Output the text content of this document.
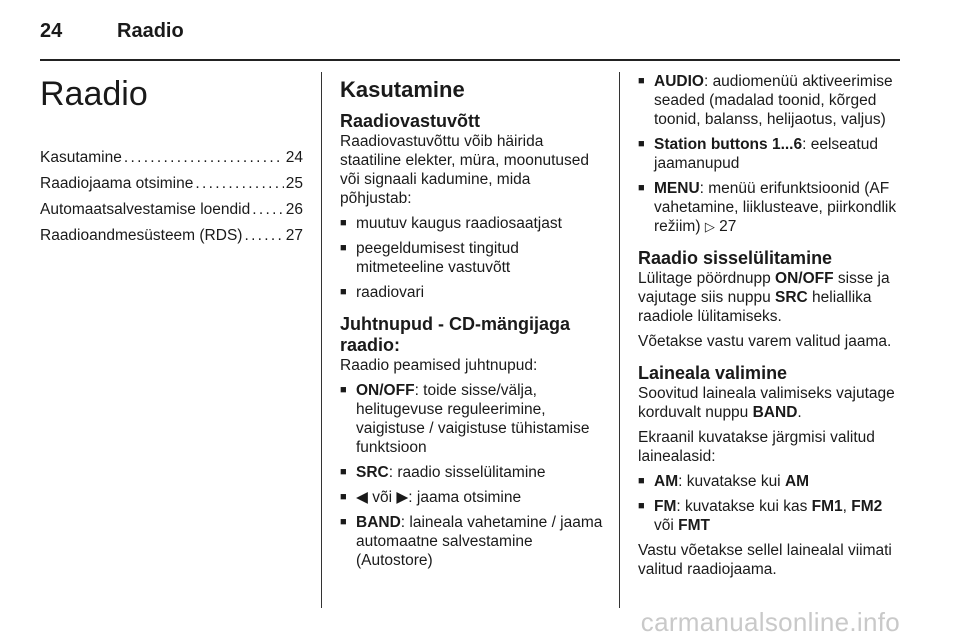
24	Raadio
Raadio
Kasutamine . . .	24
Raadiojaama otsimine . . .	25
Automaatsalvestamise loendid . . . 26
Raadioandmesüsteem (RDS) . . .	27
Kasutamine
Raadiovastuvõtt

Raadiovastuvõttu võib häirida staatiline elekter, müra, moonutused või signaali kadumine, mida põhjustab:

■ muutuv kaugus raadiosaatjast
■ peegeldumisest tingitud mitmeteeline vastuvõtt
■ raadiovari
Juhtnupud - CD-mängijaga raadio:

Raadio peamised juhtnupud:

■ ON/OFF: toide sisse/välja, helitugevuse reguleerimine, vaigistuse / vaigistuse tühistamise funktsioon
■ SRC: raadio sisselülitamine
■ ◀ või ▶: jaama otsimine
■ BAND: laineala vahetamine / jaama automaatne salvestamine (Autostore)
■ AUDIO: audiomenüü aktiveerimise seaded (madalad toonid, kõrged toonid, balanss, helijaotus, valjus)
■ Station buttons 1...6: eelseatud jaamanupud
■ MENU: menüü erifunktsioonid (AF vahetamine, liiklusteave, piirkondlik režiim) ▷ 27
Raadio sisselülitamine

Lülitage pöördnupp ON/OFF sisse ja vajutage siis nuppu SRC heliallika raadiole lülitamiseks.

Võetakse vastu varem valitud jaama.

Laineala valimine

Soovitud laineala valimiseks vajutage korduvalt nuppu BAND.

Ekraanil kuvatakse järgmisi valitud lainealasid:

■ AM: kuvatakse kui AM
■ FM: kuvatakse kui kas FM1, FM2 või FMT

Vastu võetakse sellel lainealal viimati valitud raadiojaama.

carmanualsonline.info
